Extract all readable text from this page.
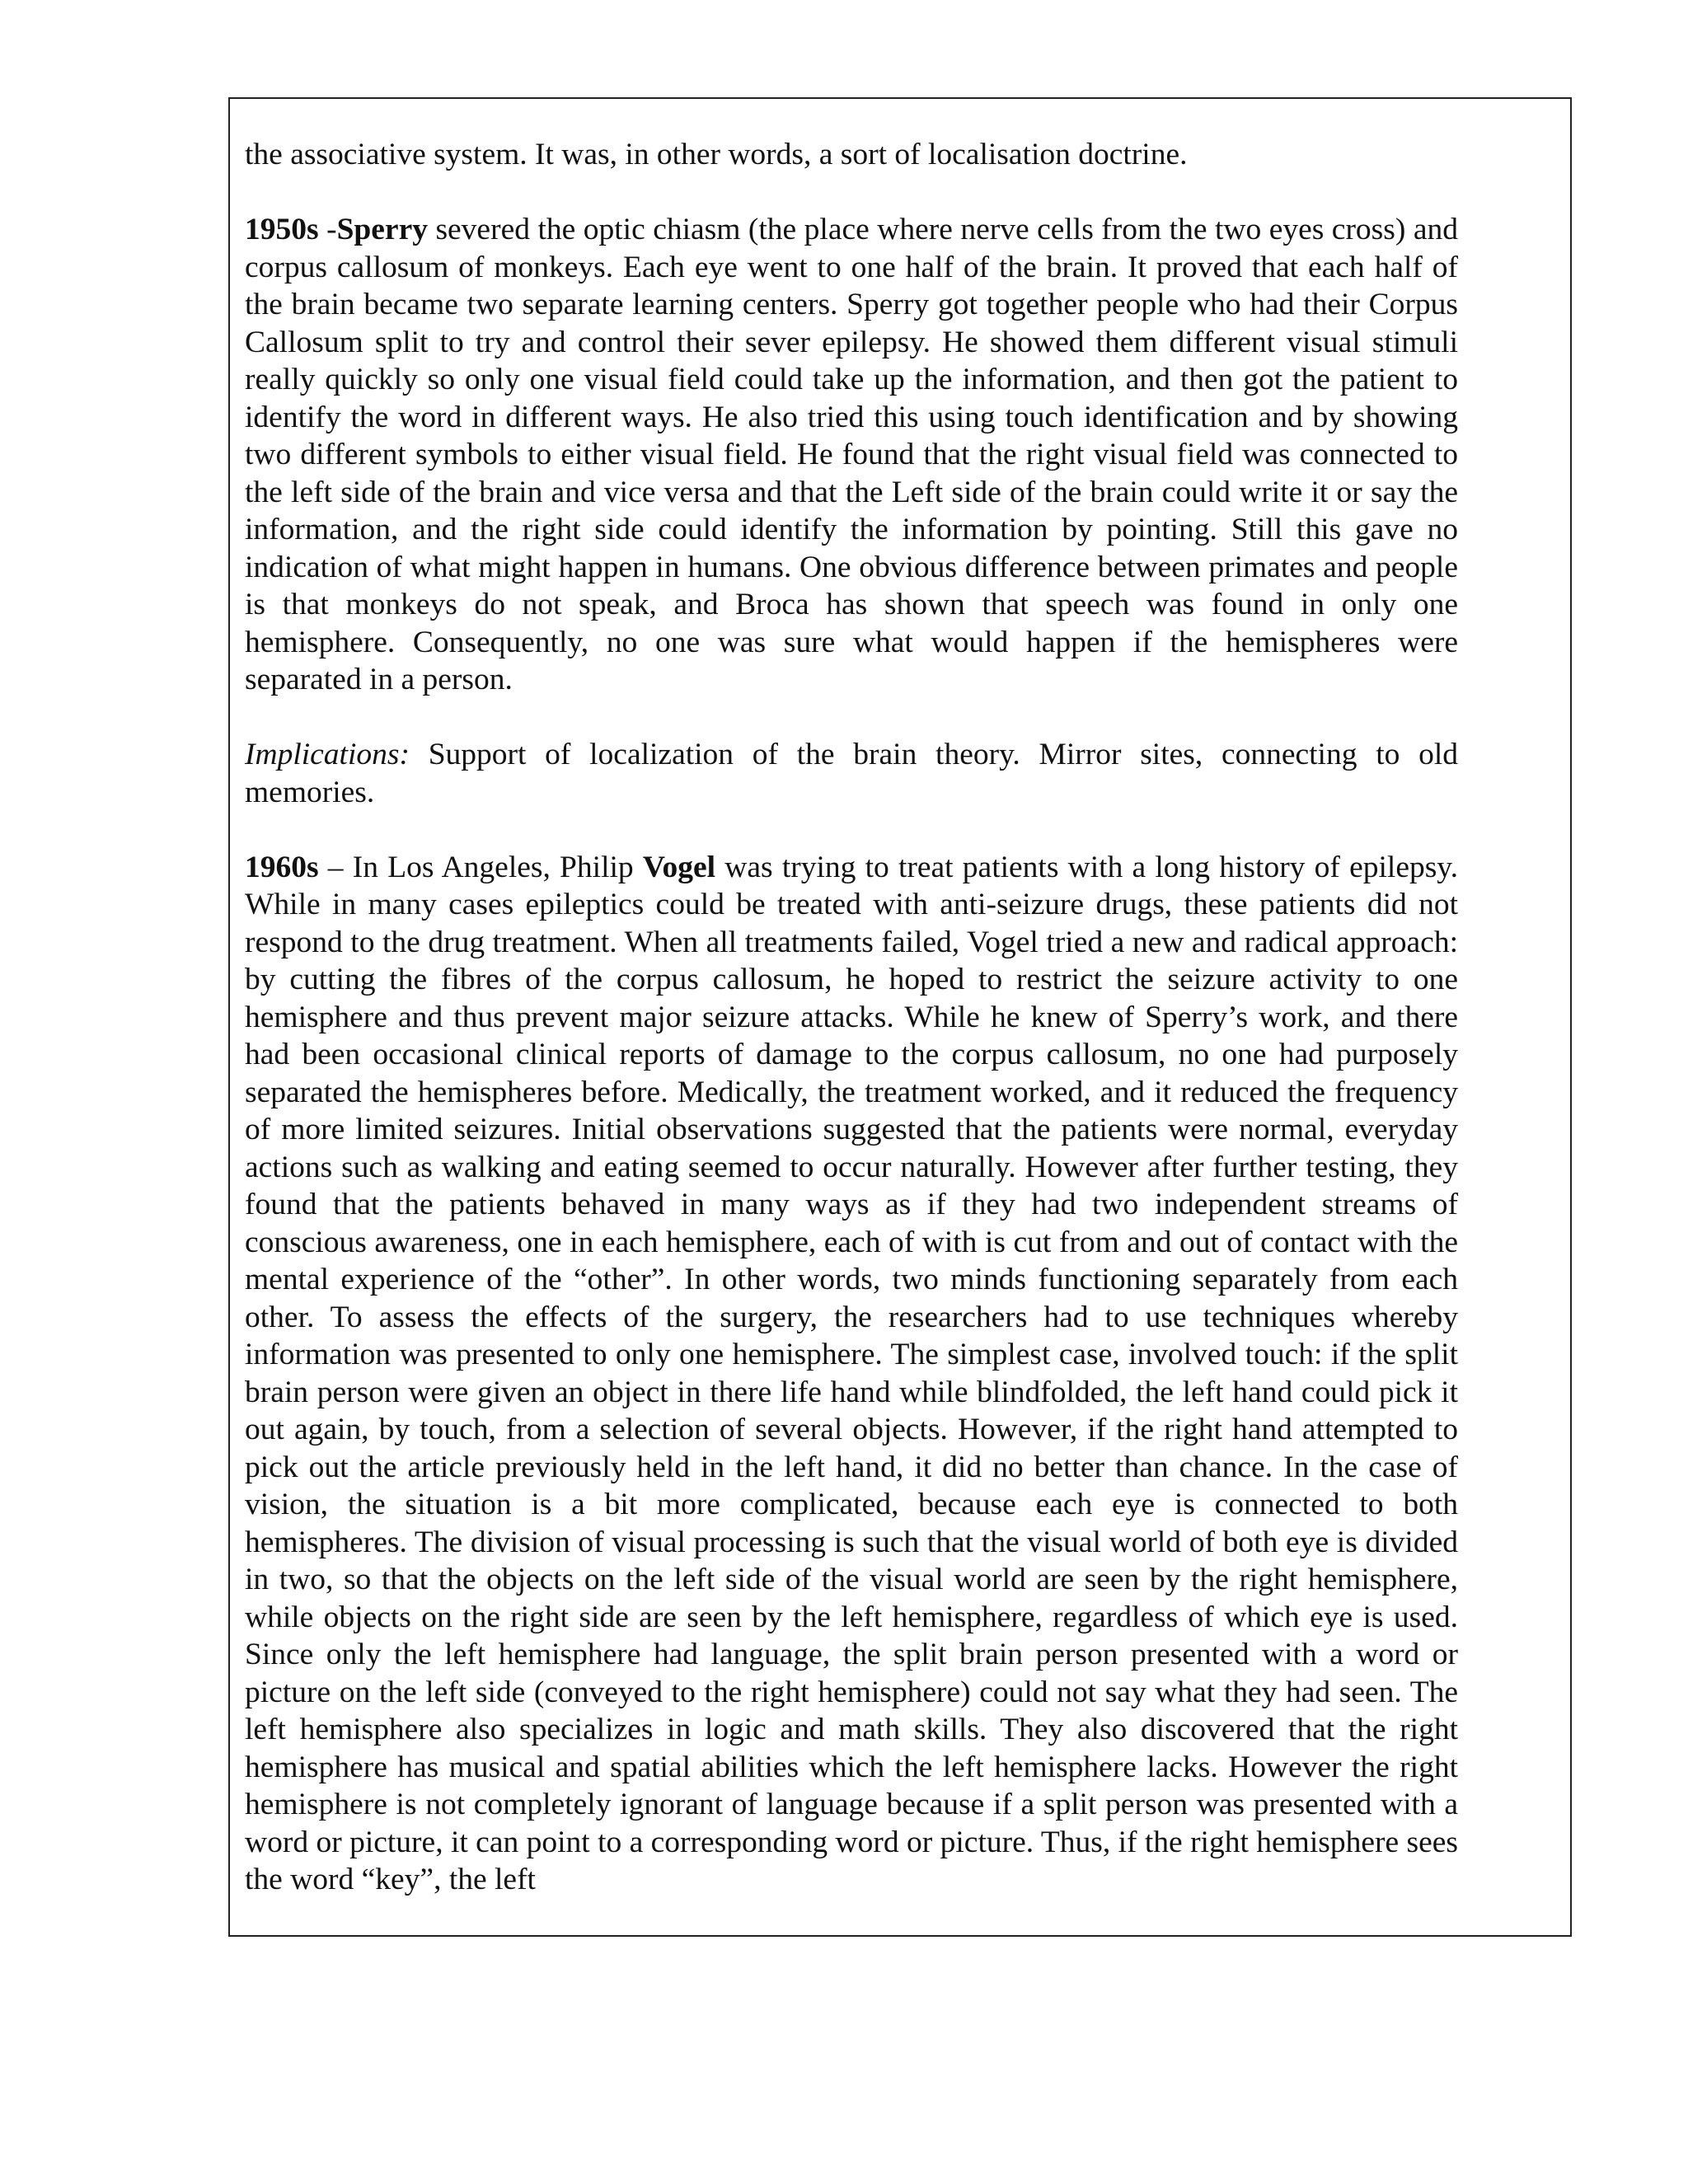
the associative system. It was, in other words, a sort of localisation doctrine.

1950s -Sperry severed the optic chiasm (the place where nerve cells from the two eyes cross) and corpus callosum of monkeys. Each eye went to one half of the brain. It proved that each half of the brain became two separate learning centers. Sperry got together people who had their Corpus Callosum split to try and control their sever epilepsy. He showed them different visual stimuli really quickly so only one visual field could take up the information, and then got the patient to identify the word in different ways. He also tried this using touch identification and by showing two different symbols to either visual field. He found that the right visual field was connected to the left side of the brain and vice versa and that the Left side of the brain could write it or say the information, and the right side could identify the information by pointing. Still this gave no indication of what might happen in humans. One obvious difference between primates and people is that monkeys do not speak, and Broca has shown that speech was found in only one hemisphere. Consequently, no one was sure what would happen if the hemispheres were separated in a person.

Implications: Support of localization of the brain theory. Mirror sites, connecting to old memories.

1960s – In Los Angeles, Philip Vogel was trying to treat patients with a long history of epilepsy. While in many cases epileptics could be treated with anti-seizure drugs, these patients did not respond to the drug treatment. When all treatments failed, Vogel tried a new and radical approach: by cutting the fibres of the corpus callosum, he hoped to restrict the seizure activity to one hemisphere and thus prevent major seizure attacks. While he knew of Sperry’s work, and there had been occasional clinical reports of damage to the corpus callosum, no one had purposely separated the hemispheres before. Medically, the treatment worked, and it reduced the frequency of more limited seizures. Initial observations suggested that the patients were normal, everyday actions such as walking and eating seemed to occur naturally. However after further testing, they found that the patients behaved in many ways as if they had two independent streams of conscious awareness, one in each hemisphere, each of with is cut from and out of contact with the mental experience of the “other”. In other words, two minds functioning separately from each other. To assess the effects of the surgery, the researchers had to use techniques whereby information was presented to only one hemisphere. The simplest case, involved touch: if the split brain person were given an object in there life hand while blindfolded, the left hand could pick it out again, by touch, from a selection of several objects. However, if the right hand attempted to pick out the article previously held in the left hand, it did no better than chance. In the case of vision, the situation is a bit more complicated, because each eye is connected to both hemispheres. The division of visual processing is such that the visual world of both eye is divided in two, so that the objects on the left side of the visual world are seen by the right hemisphere, while objects on the right side are seen by the left hemisphere, regardless of which eye is used. Since only the left hemisphere had language, the split brain person presented with a word or picture on the left side (conveyed to the right hemisphere) could not say what they had seen. The left hemisphere also specializes in logic and math skills. They also discovered that the right hemisphere has musical and spatial abilities which the left hemisphere lacks. However the right hemisphere is not completely ignorant of language because if a split person was presented with a word or picture, it can point to a corresponding word or picture. Thus, if the right hemisphere sees the word “key”, the left
